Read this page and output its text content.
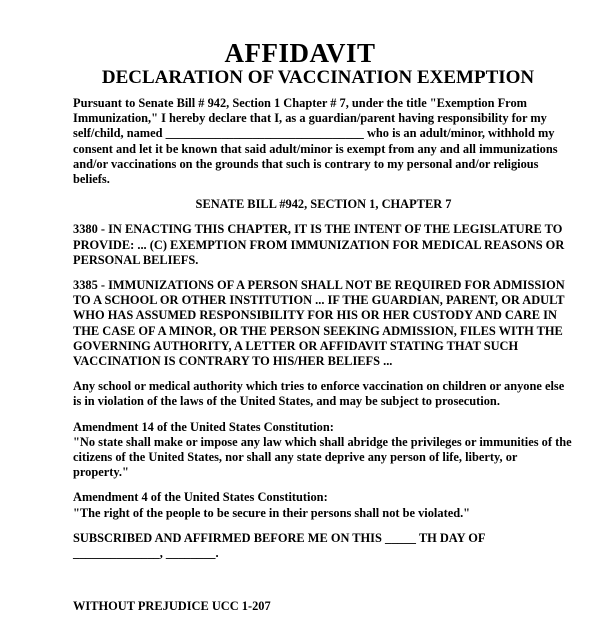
AFFIDAVIT
DECLARATION OF VACCINATION EXEMPTION

Pursuant to Senate Bill # 942, Section 1 Chapter # 7, under the title "Exemption From Immunization," I hereby declare that I, as a guardian/parent having responsibility for my self/child, named ________________________________ who is an adult/minor, withhold my consent and let it be known that said adult/minor is exempt from any and all immunizations and/or vaccinations on the grounds that such is contrary to my personal and/or religious beliefs.

SENATE BILL #942, SECTION 1, CHAPTER 7

3380 - IN ENACTING THIS CHAPTER, IT IS THE INTENT OF THE LEGISLATURE TO PROVIDE: ... (C) EXEMPTION FROM IMMUNIZATION FOR MEDICAL REASONS OR PERSONAL BELIEFS.

3385 - IMMUNIZATIONS OF A PERSON SHALL NOT BE REQUIRED FOR ADMISSION TO A SCHOOL OR OTHER INSTITUTION ... IF THE GUARDIAN, PARENT, OR ADULT WHO HAS ASSUMED RESPONSIBILITY FOR HIS OR HER CUSTODY AND CARE IN THE CASE OF A MINOR, OR THE PERSON SEEKING ADMISSION, FILES WITH THE GOVERNING AUTHORITY, A LETTER OR AFFIDAVIT STATING THAT SUCH VACCINATION IS CONTRARY TO HIS/HER BELIEFS ...

Any school or medical authority which tries to enforce vaccination on children or anyone else is in violation of the laws of the United States, and may be subject to prosecution.

Amendment 14 of the United States Constitution:
"No state shall make or impose any law which shall abridge the privileges or immunities of the citizens of the United States, nor shall any state deprive any person of life, liberty, or property."
Amendment 4 of the United States Constitution:
"The right of the people to be secure in their persons shall not be violated."

SUBSCRIBED AND AFFIRMED BEFORE ME ON THIS _____ TH DAY OF ______________, ________.

WITHOUT PREJUDICE UCC 1-207
